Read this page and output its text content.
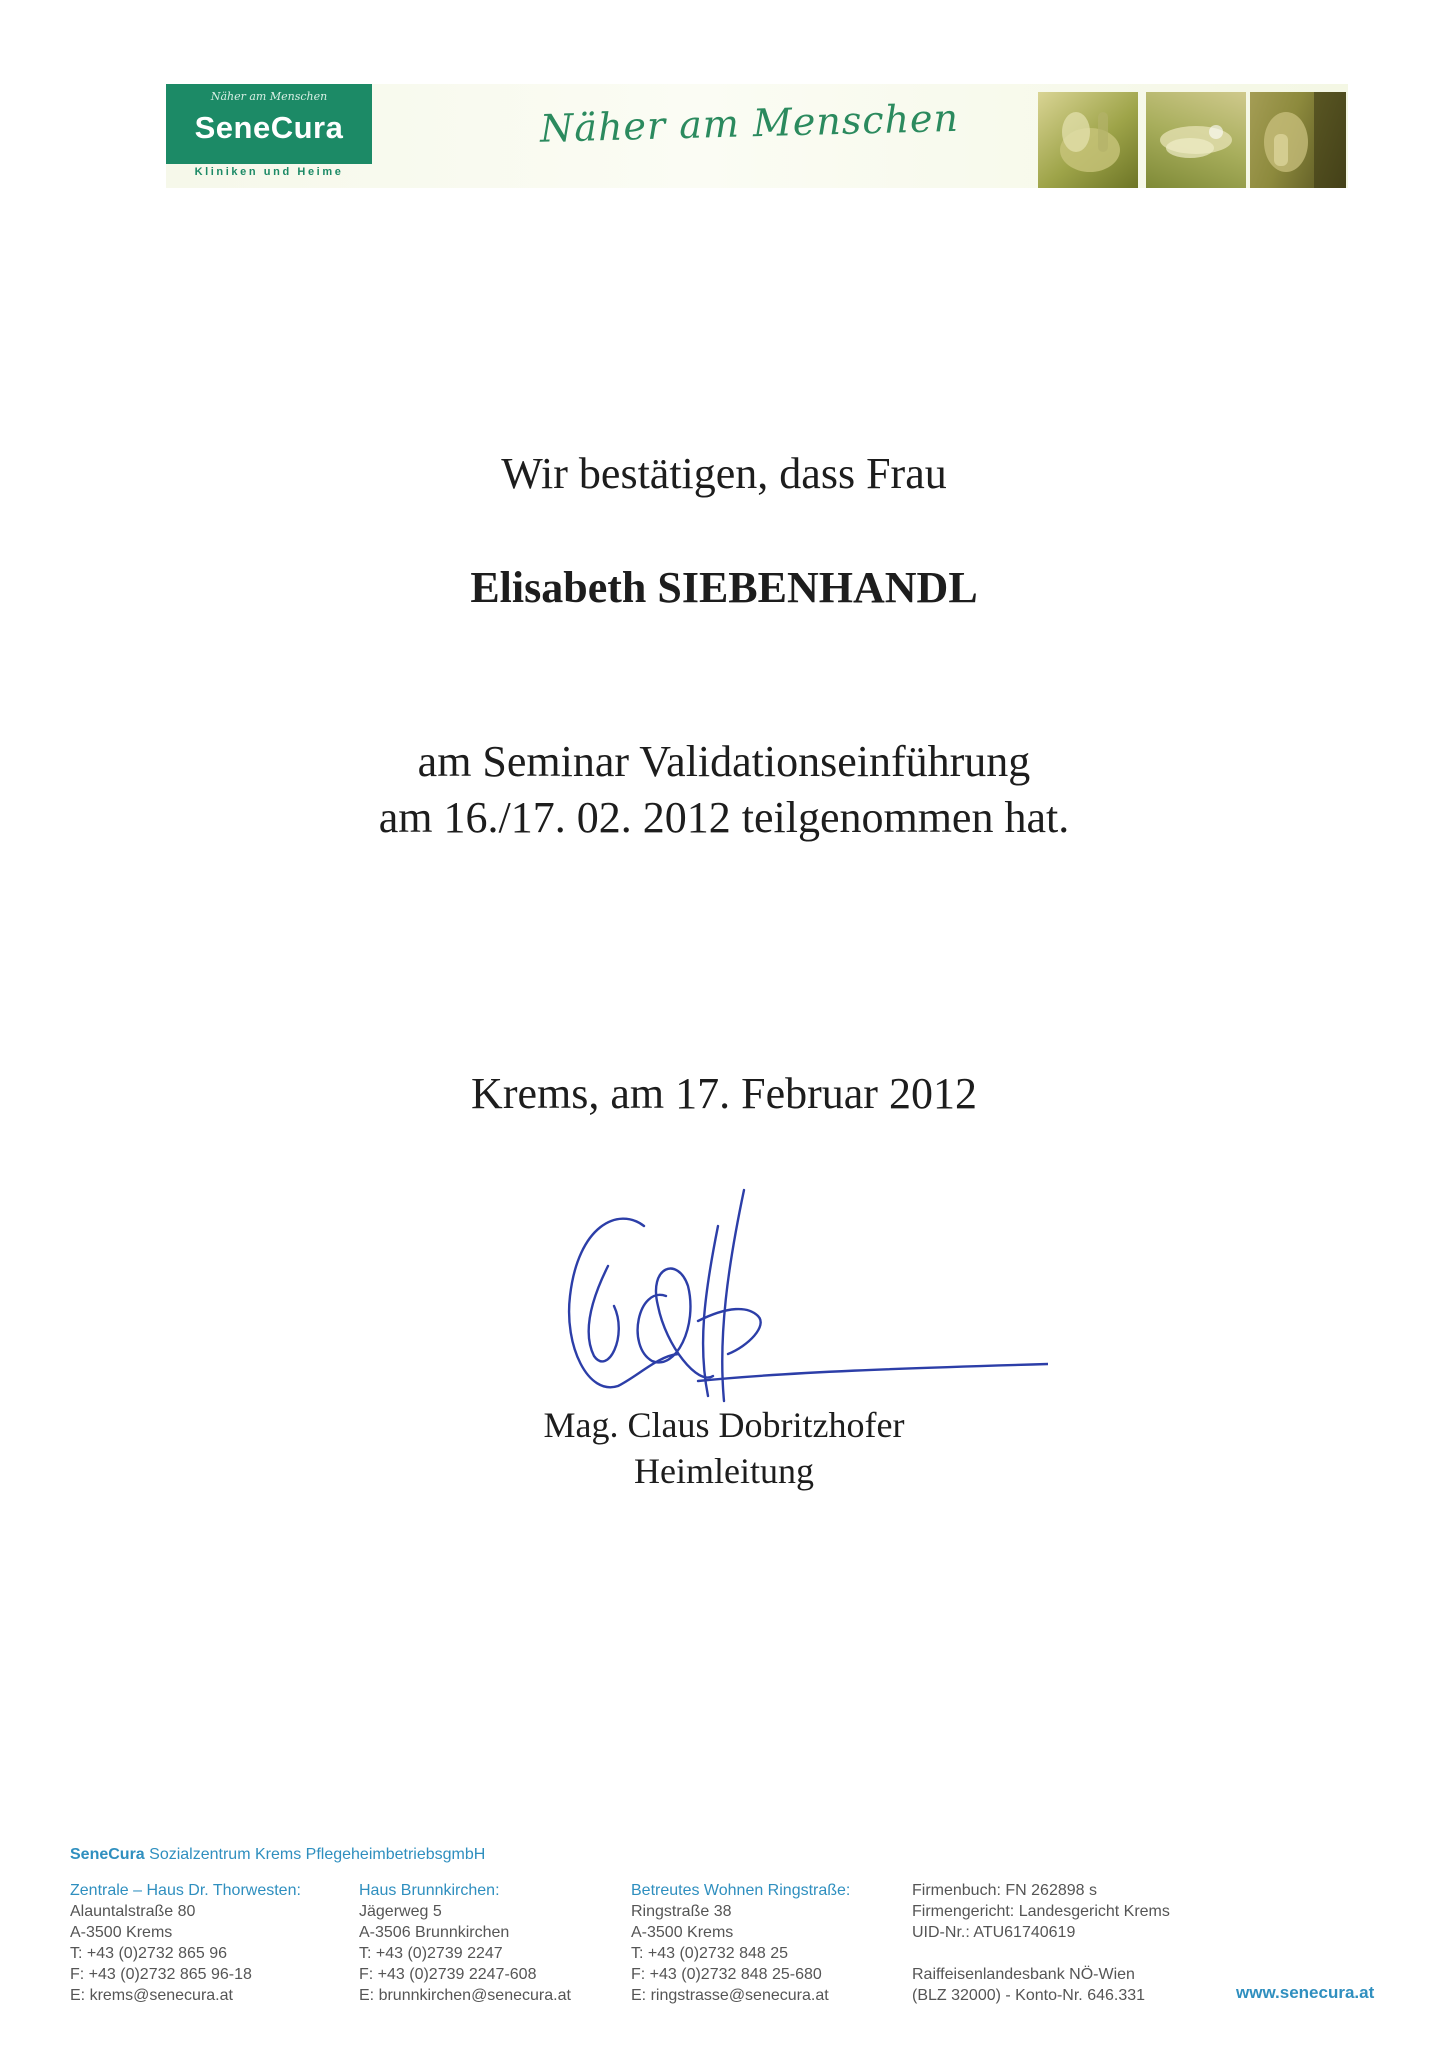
Näher am Menschen
SeneCura
Kliniken und Heime
Näher am Menschen
Wir bestätigen, dass Frau
Elisabeth SIEBENHANDL
am Seminar Validationseinführung
am 16./17. 02. 2012 teilgenommen hat.
Krems, am 17. Februar 2012
Mag. Claus Dobritzhofer
Heimleitung
SeneCura Sozialzentrum Krems PflegeheimbetriebsgmbH
Zentrale – Haus Dr. Thorwesten:
Alauntalstraße 80
A-3500 Krems
T: +43 (0)2732 865 96
F: +43 (0)2732 865 96-18
E: krems@senecura.at
Haus Brunnkirchen:
Jägerweg 5
A-3506 Brunnkirchen
T: +43 (0)2739 2247
F: +43 (0)2739 2247-608
E: brunnkirchen@senecura.at
Betreutes Wohnen Ringstraße:
Ringstraße 38
A-3500 Krems
T: +43 (0)2732 848 25
F: +43 (0)2732 848 25-680
E: ringstrasse@senecura.at
Firmenbuch: FN 262898 s
Firmengericht: Landesgericht Krems
UID-Nr.: ATU61740619
Raiffeisenlandesbank NÖ-Wien
(BLZ 32000) - Konto-Nr. 646.331	www.senecura.at
